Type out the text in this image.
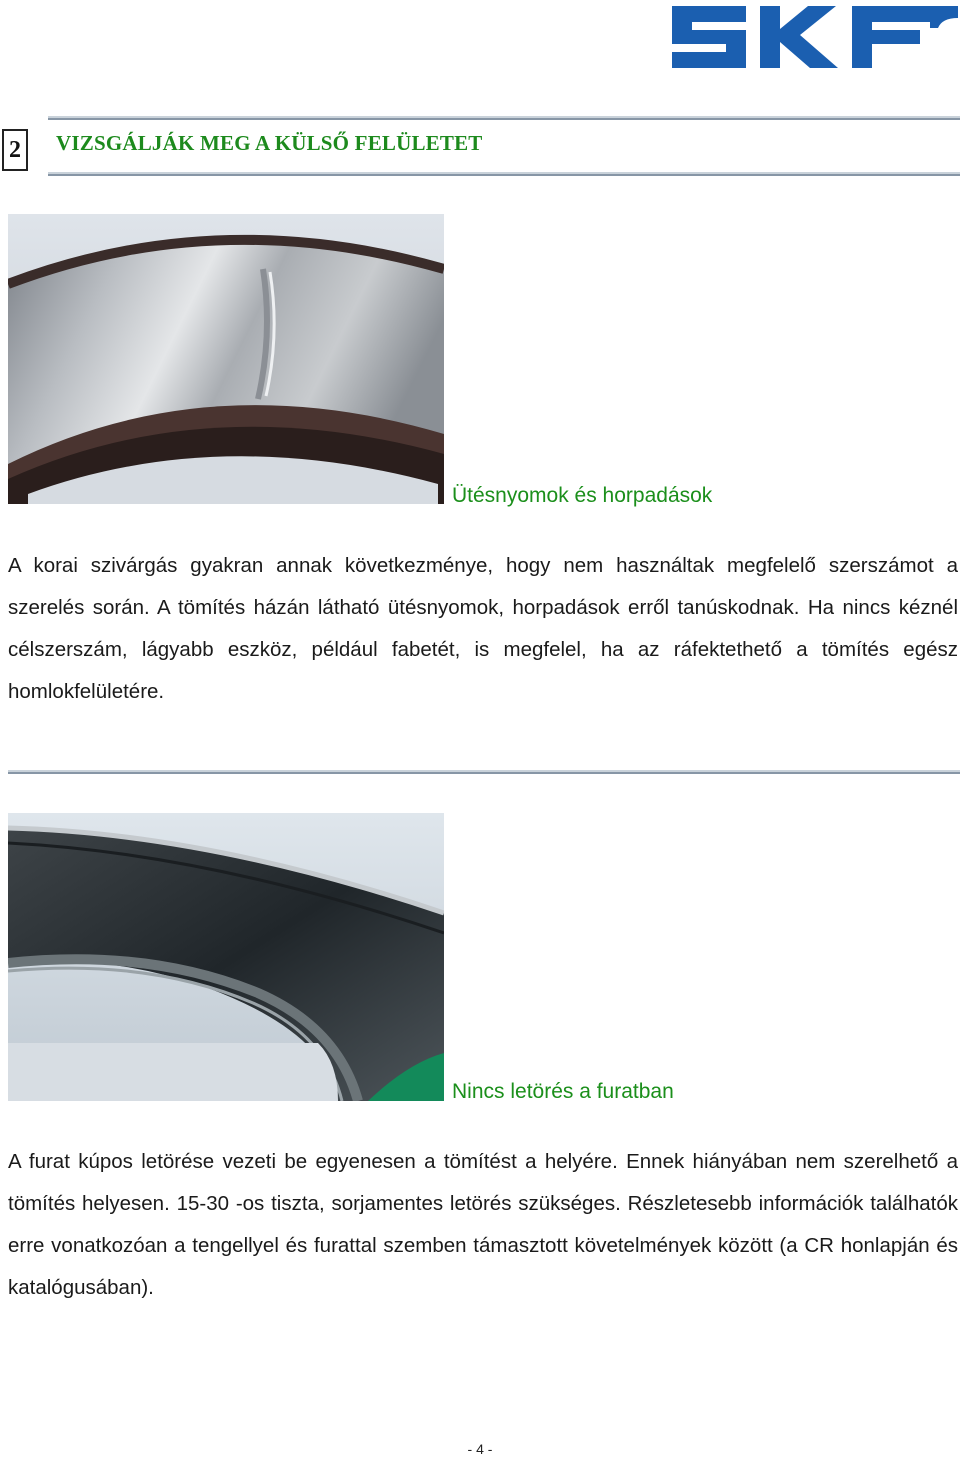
2	VIZSGÁLJÁK MEG A KÜLSŐ FELÜLETET
Ütésnyomok és horpadások

A korai szivárgás gyakran annak következménye, hogy nem használtak megfelelő szerszámot a szerelés során. A tömítés házán látható ütésnyomok, horpadások erről tanúskodnak. Ha nincs kéznél célszerszám, lágyabb eszköz, például fabetét, is megfelel, ha az ráfektethető a tömítés egész homlokfelületére.

Nincs letörés a furatban

A furat kúpos letörése vezeti be egyenesen a tömítést a helyére. Ennek hiányában nem szerelhető a tömítés helyesen. 15-30 -os tiszta, sorjamentes letörés szükséges. Részletesebb információk találhatók erre vonatkozóan a tengellyel és furattal szemben támasztott követelmények között (a CR honlapján és katalógusában).

- 4 -
